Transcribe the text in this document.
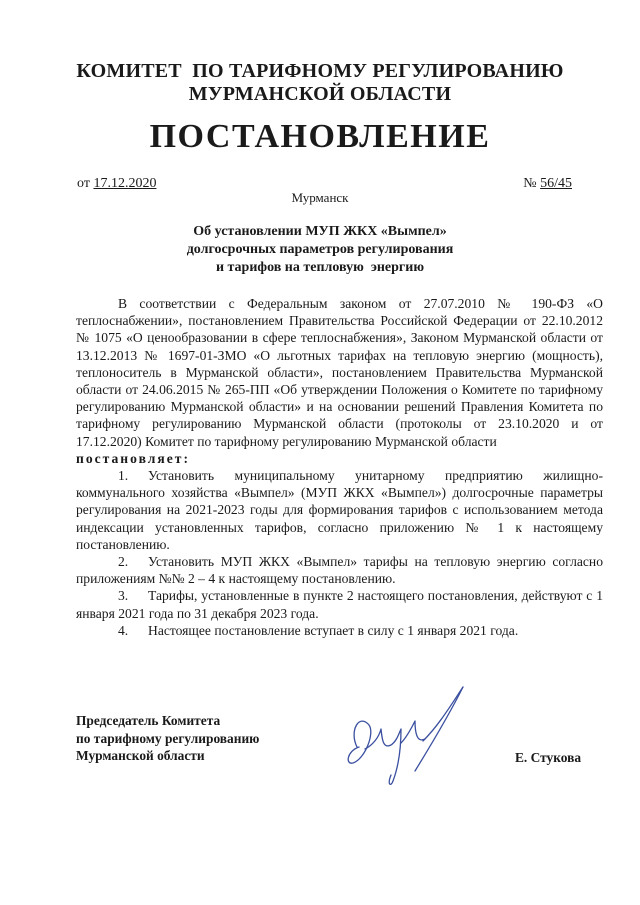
КОМИТЕТ  ПО ТАРИФНОМУ РЕГУЛИРОВАНИЮ
МУРМАНСКОЙ ОБЛАСТИ
ПОСТАНОВЛЕНИЕ
от 17.12.2020	№ 56/45
Мурманск
Об установлении МУП ЖКХ «Вымпел»
долгосрочных параметров регулирования
и тарифов на тепловую  энергию

В соответствии с Федеральным законом от 27.07.2010 № 190-ФЗ «О теплоснабжении», постановлением Правительства Российской Федерации от 22.10.2012 № 1075 «О ценообразовании в сфере теплоснабжения», Законом Мурманской области от 13.12.2013 № 1697-01-ЗМО «О льготных тарифах на тепловую энергию (мощность), теплоноситель в Мурманской области», постановлением Правительства Мурманской области от 24.06.2015 № 265-ПП «Об утверждении Положения о Комитете по тарифному регулированию Мурманской области» и на основании решений Правления Комитета по тарифному регулированию Мурманской области (протоколы от 23.10.2020 и от 17.12.2020) Комитет по тарифному регулированию Мурманской области

постановляет:
1. Установить муниципальному унитарному предприятию жилищно-коммунального хозяйства «Вымпел» (МУП ЖКХ «Вымпел») долгосрочные параметры регулирования на 2021-2023 годы для формирования тарифов с использованием метода индексации установленных тарифов, согласно приложению № 1 к настоящему постановлению.
2. Установить МУП ЖКХ «Вымпел» тарифы на тепловую энергию согласно приложениям №№ 2 – 4 к настоящему постановлению.
3. Тарифы, установленные в пункте 2 настоящего постановления, действуют с 1 января 2021 года по 31 декабря 2023 года.
4. Настоящее постановление вступает в силу с 1 января 2021 года.
Председатель Комитета
по тарифному регулированию
Мурманской области	Е. Стукова
